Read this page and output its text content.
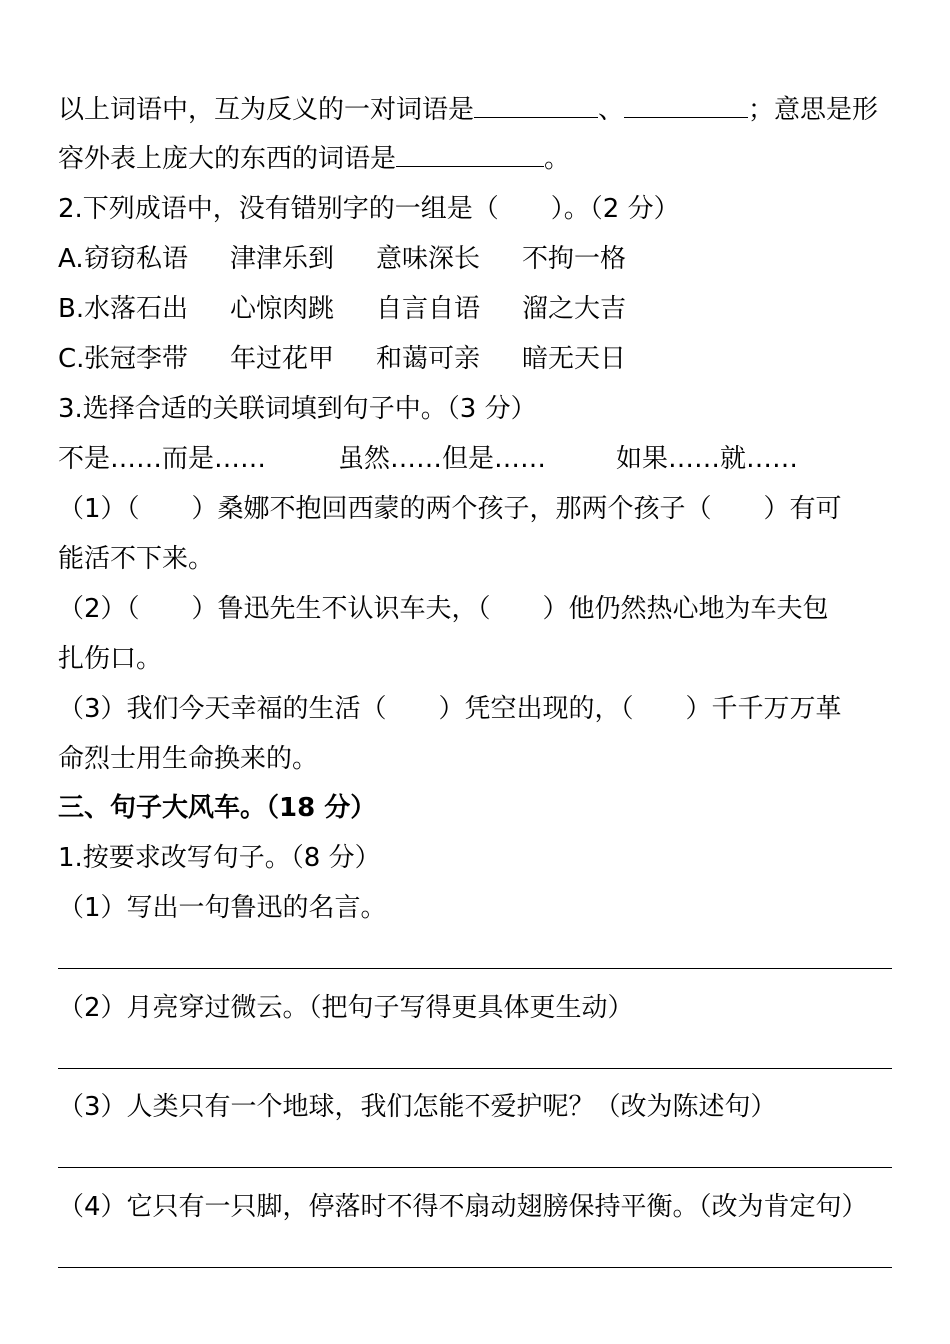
以上词语中，互为反义的一对词语是	、	；意思是形
容外表上庞大的东西的词语是	。
2.下列成语中，没有错别字的一组是（　　）。（2 分）
A.窃窃私语 津津乐到 意味深长 不拘一格
B.水落石出 心惊肉跳 自言自语 溜之大吉
C.张冠李带 年过花甲 和蔼可亲 暗无天日
3.选择合适的关联词填到句子中。（3 分）
不是……而是……	虽然……但是……	如果……就……
（1）（　　）桑娜不抱回西蒙的两个孩子，那两个孩子（　　）有可
能活不下来。
（2）（　　）鲁迅先生不认识车夫，（　　）他仍然热心地为车夫包
扎伤口。
（3）我们今天幸福的生活（　　）凭空出现的，（　　）千千万万革
命烈士用生命换来的。
三、句子大风车。（18 分）
1.按要求改写句子。（8 分）
（1）写出一句鲁迅的名言。
（2）月亮穿过微云。（把句子写得更具体更生动）
（3）人类只有一个地球，我们怎能不爱护呢？（改为陈述句）
（4）它只有一只脚，停落时不得不扇动翅膀保持平衡。（改为肯定句）
